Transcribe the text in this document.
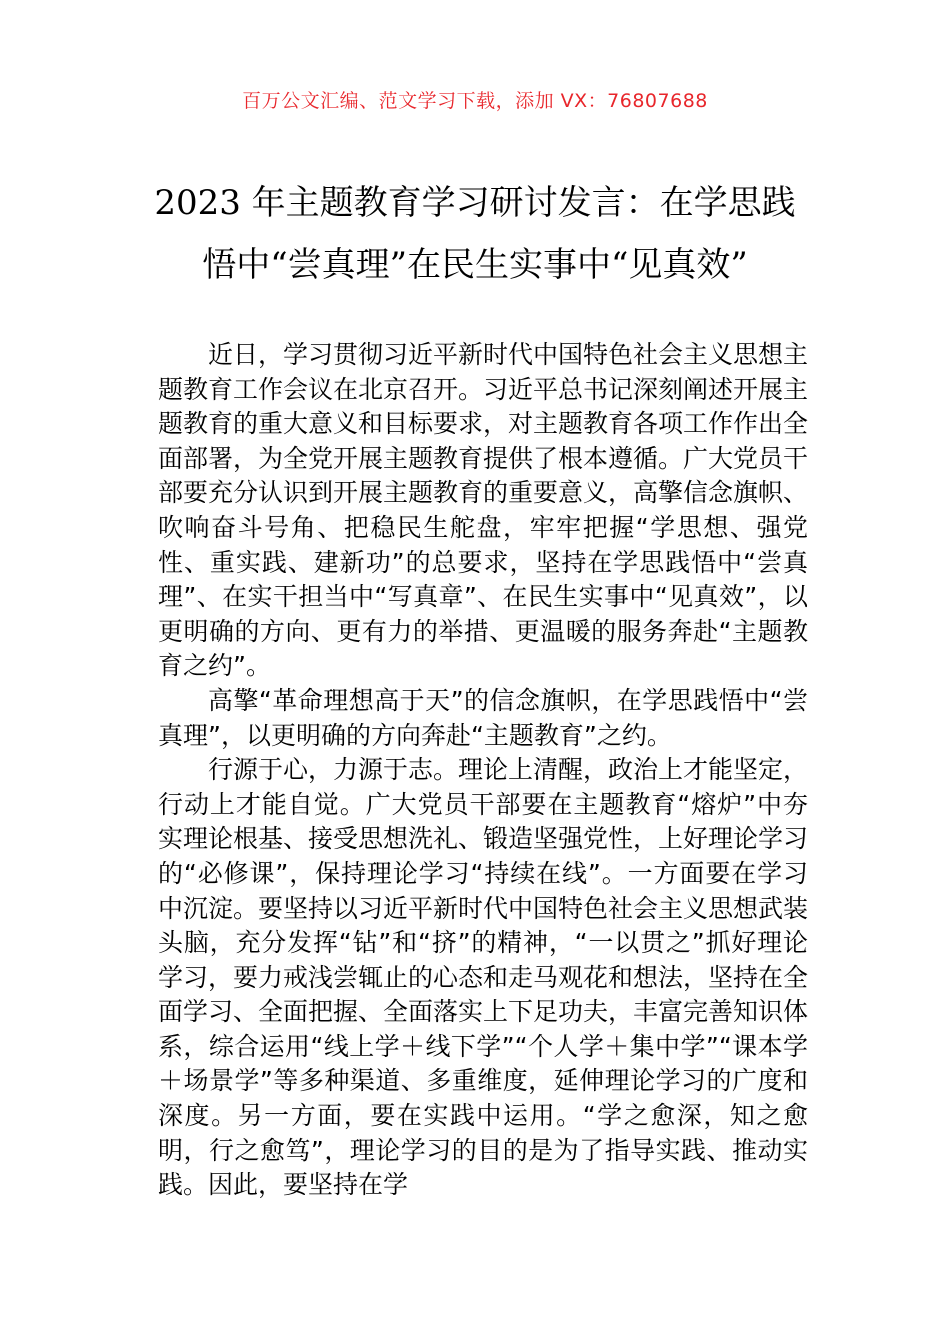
百万公文汇编、范文学习下载，添加 VX：76807688
2023 年主题教育学习研讨发言：在学思践
悟中“尝真理”在民生实事中“见真效”

近日，学习贯彻习近平新时代中国特色社会主义思想主题教育工作会议在北京召开。习近平总书记深刻阐述开展主题教育的重大意义和目标要求，对主题教育各项工作作出全面部署，为全党开展主题教育提供了根本遵循。广大党员干部要充分认识到开展主题教育的重要意义，高擎信念旗帜、吹响奋斗号角、把稳民生舵盘，牢牢把握“学思想、强党性、重实践、建新功”的总要求，坚持在学思践悟中“尝真理”、在实干担当中“写真章”、在民生实事中“见真效”，以更明确的方向、更有力的举措、更温暖的服务奔赴“主题教育之约”。

高擎“革命理想高于天”的信念旗帜，在学思践悟中“尝真理”，以更明确的方向奔赴“主题教育”之约。

行源于心，力源于志。理论上清醒，政治上才能坚定，行动上才能自觉。广大党员干部要在主题教育“熔炉”中夯实理论根基、接受思想洗礼、锻造坚强党性，上好理论学习的“必修课”，保持理论学习“持续在线”。一方面要在学习中沉淀。要坚持以习近平新时代中国特色社会主义思想武装头脑，充分发挥“钻”和“挤”的精神，“一以贯之”抓好理论学习，要力戒浅尝辄止的心态和走马观花和想法，坚持在全面学习、全面把握、全面落实上下足功夫，丰富完善知识体系，综合运用“线上学＋线下学”“个人学＋集中学”“课本学＋场景学”等多种渠道、多重维度，延伸理论学习的广度和深度。另一方面，要在实践中运用。“学之愈深，知之愈明，行之愈笃”，理论学习的目的是为了指导实践、推动实践。因此，要坚持在学
